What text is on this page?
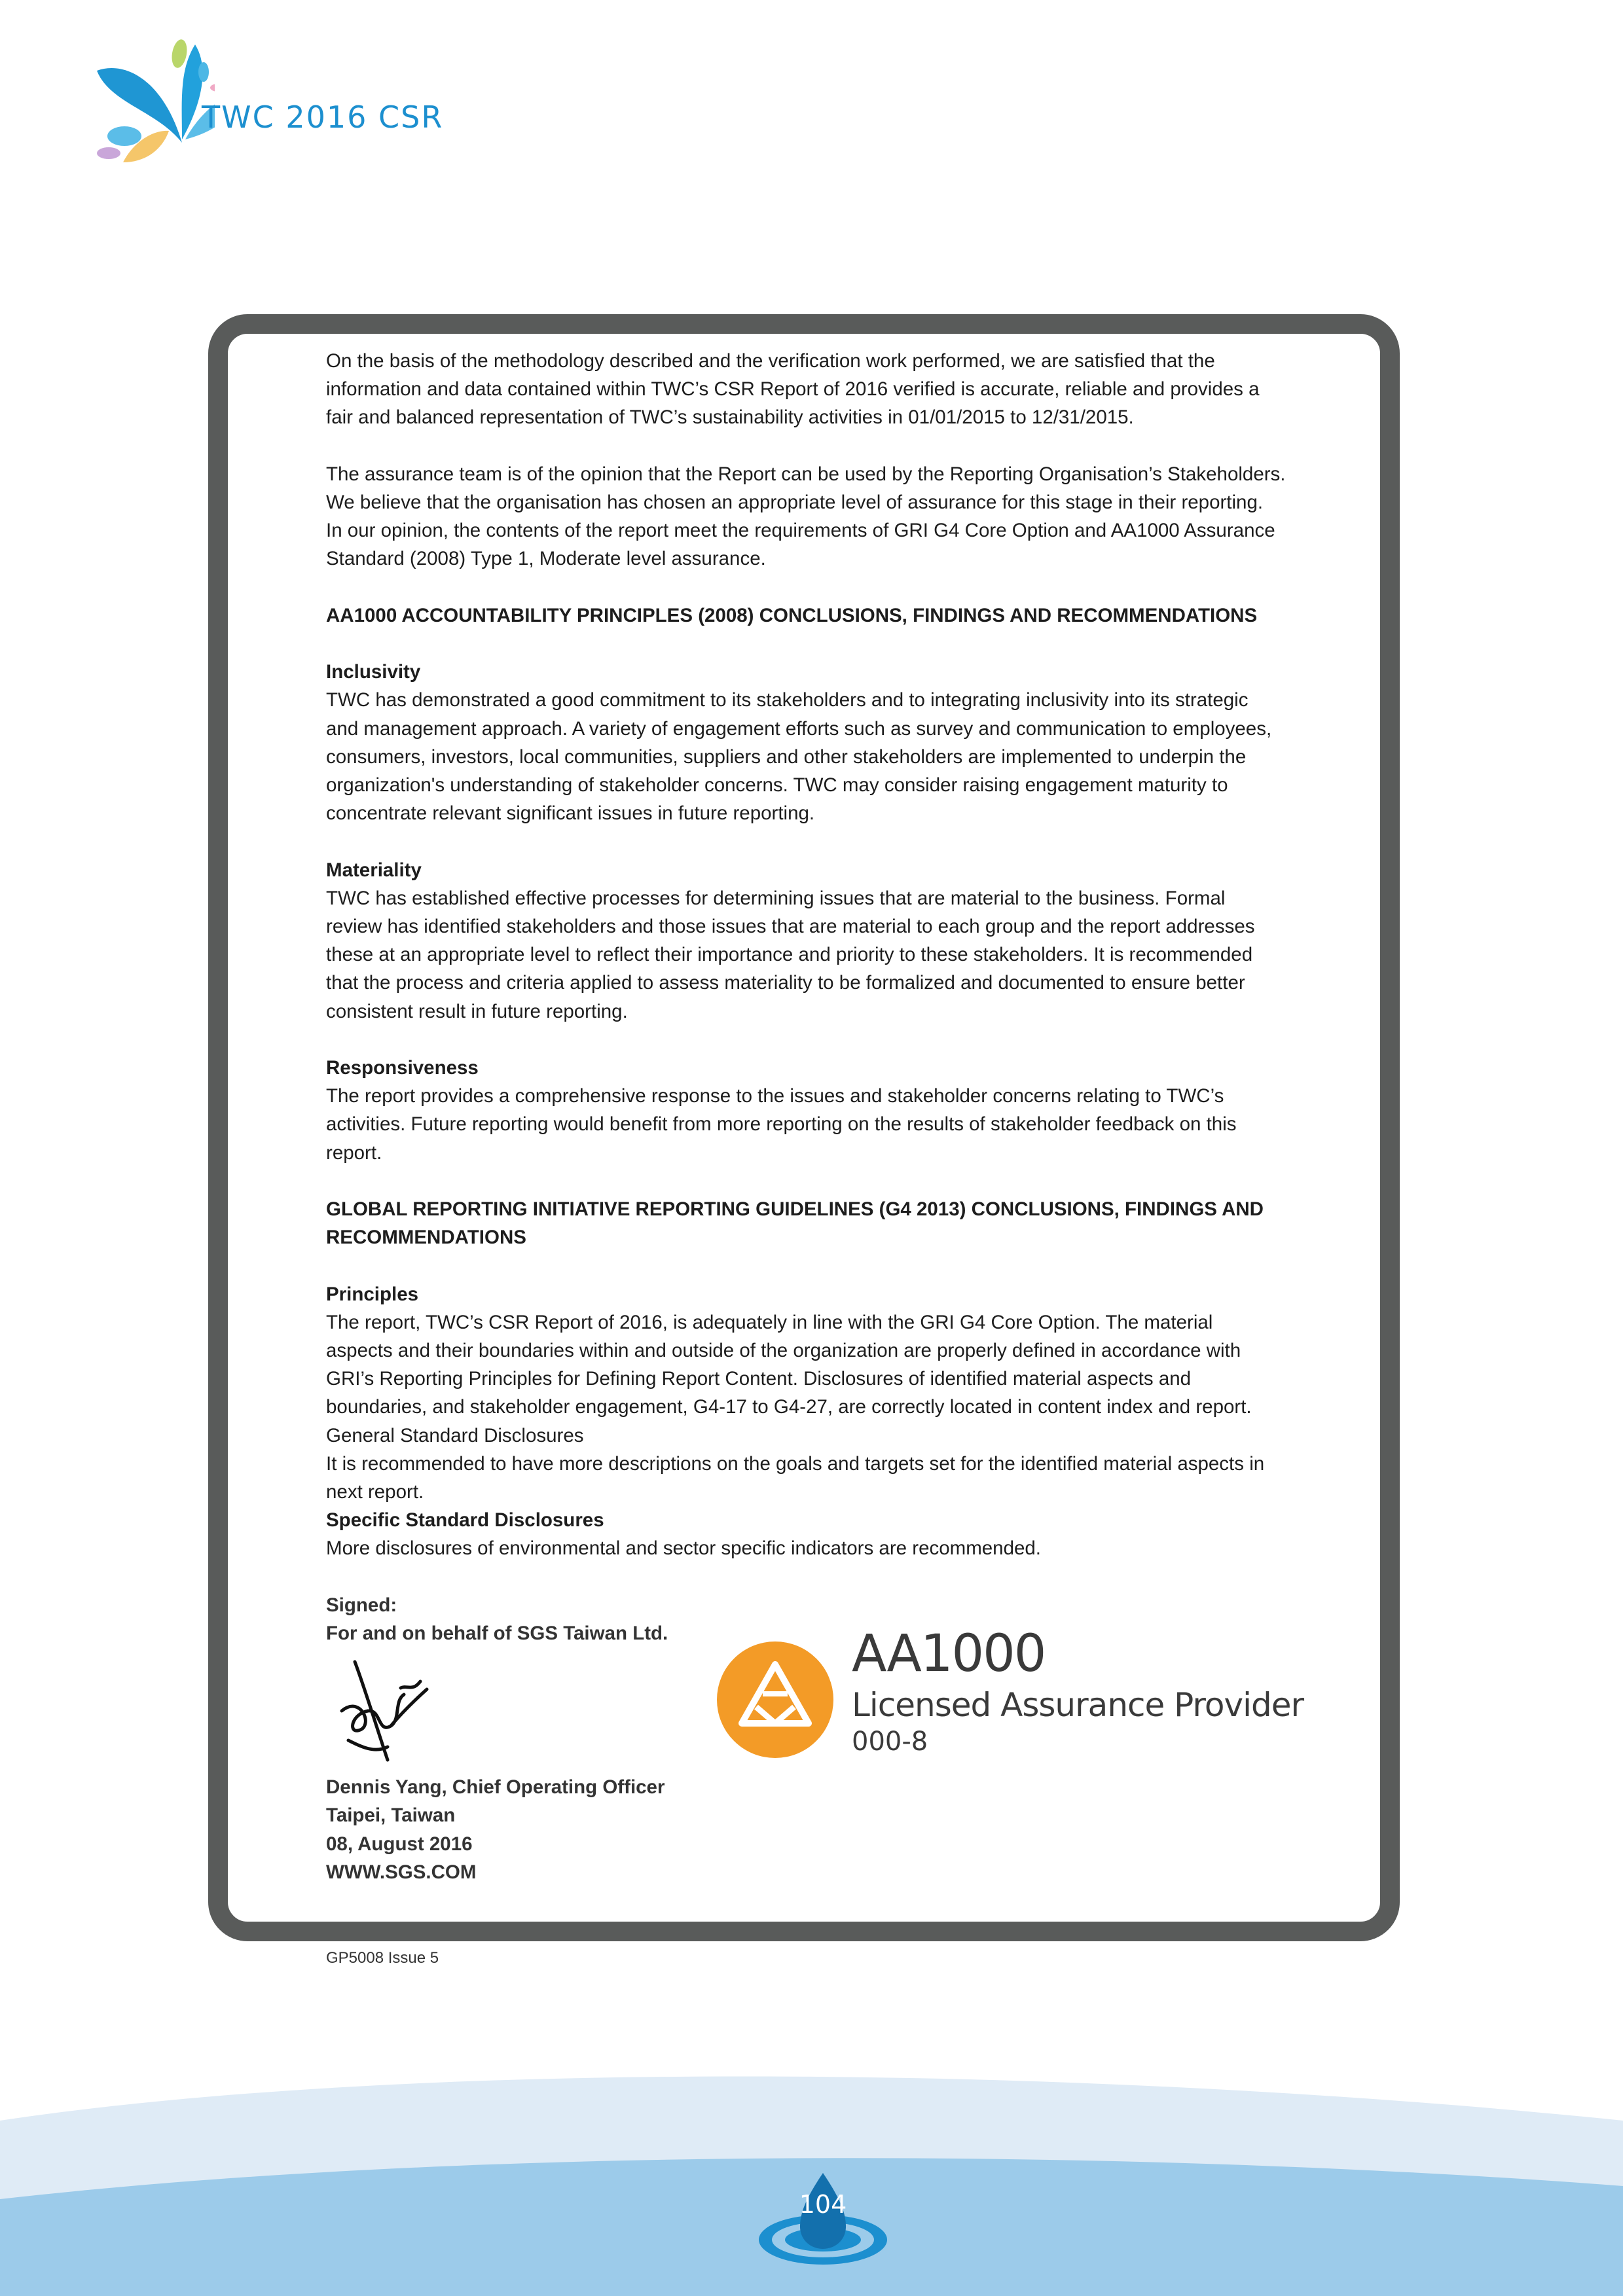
TWC 2016 CSR

On the basis of the methodology described and the verification work performed, we are satisfied that the

information and data contained within TWC’s CSR Report of 2016 verified is accurate, reliable and provides a

fair and balanced representation of TWC’s sustainability activities in 01/01/2015 to 12/31/2015.

The assurance team is of the opinion that the Report can be used by the Reporting Organisation’s Stakeholders.

We believe that the organisation has chosen an appropriate level of assurance for this stage in their reporting.

In our opinion, the contents of the report meet the requirements of GRI G4 Core Option and AA1000 Assurance

Standard (2008) Type 1, Moderate level assurance.

AA1000 ACCOUNTABILITY PRINCIPLES (2008) CONCLUSIONS, FINDINGS AND RECOMMENDATIONS

Inclusivity

TWC has demonstrated a good commitment to its stakeholders and to integrating inclusivity into its strategic

and management approach. A variety of engagement efforts such as survey and communication to employees,

consumers, investors, local communities, suppliers and other stakeholders are implemented to underpin the

organization's understanding of stakeholder concerns. TWC may consider raising engagement maturity to

concentrate relevant significant issues in future reporting.

Materiality

TWC has established effective processes for determining issues that are material to the business. Formal

review has identified stakeholders and those issues that are material to each group and the report addresses

these at an appropriate level to reflect their importance and priority to these stakeholders. It is recommended

that the process and criteria applied to assess materiality to be formalized and documented to ensure better

consistent result in future reporting.

Responsiveness

The report provides a comprehensive response to the issues and stakeholder concerns relating to TWC’s

activities. Future reporting would benefit from more reporting on the results of stakeholder feedback on this

report.

GLOBAL REPORTING INITIATIVE REPORTING GUIDELINES (G4 2013) CONCLUSIONS, FINDINGS AND

RECOMMENDATIONS

Principles

The report, TWC’s CSR Report of 2016, is adequately in line with the GRI G4 Core Option. The material

aspects and their boundaries within and outside of the organization are properly defined in accordance with

GRI’s Reporting Principles for Defining Report Content. Disclosures of identified material aspects and

boundaries, and stakeholder engagement, G4-17 to G4-27, are correctly located in content index and report.

General Standard Disclosures

It is recommended to have more descriptions on the goals and targets set for the identified material aspects in

next report.

Specific Standard Disclosures

More disclosures of environmental and sector specific indicators are recommended.

Signed:

For and on behalf of SGS Taiwan Ltd.

Dennis Yang, Chief Operating Officer

Taipei, Taiwan

08, August 2016

WWW.SGS.COM

AA1000
Licensed Assurance Provider
000-8
GP5008 Issue 5
104
